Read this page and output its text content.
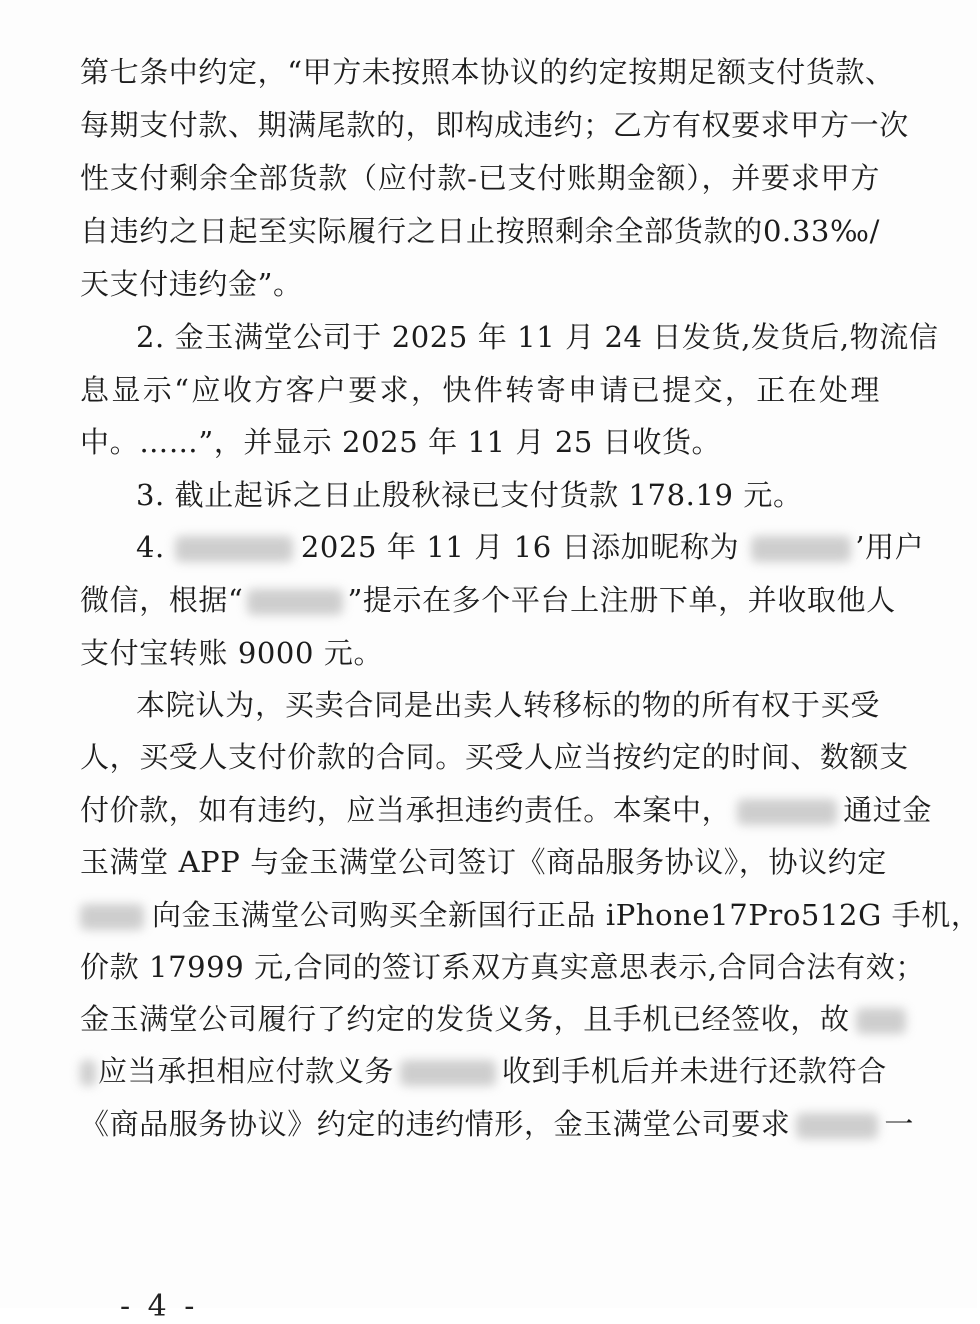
第七条中约定，“甲方未按照本协议的约定按期足额支付货款、
每期支付款、期满尾款的，即构成违约；乙方有权要求甲方一次
性支付剩余全部货款（应付款-已支付账期金额），并要求甲方
自违约之日起至实际履行之日止按照剩余全部货款的0.33‰/
天支付违约金”。
2. 金玉满堂公司于 2025 年 11 月 24 日发货,发货后,物流信
息显示“应收方客户要求，快件转寄申请已提交，正在处理
中。……”，并显示 2025 年 11 月 25 日收货。
3. 截止起诉之日止殷秋禄已支付货款 178.19 元。
4.	2025 年 11 月 16 日添加昵称为	’用户
微信，根据“	”提示在多个平台上注册下单，并收取他人
支付宝转账 9000 元。
本院认为，买卖合同是出卖人转移标的物的所有权于买受
人，买受人支付价款的合同。买受人应当按约定的时间、数额支
付价款，如有违约，应当承担违约责任。本案中，	通过金
玉满堂 APP 与金玉满堂公司签订《商品服务协议》，协议约定
向金玉满堂公司购买全新国行正品 iPhone17Pro512G 手机，
价款 17999 元,合同的签订系双方真实意思表示,合同合法有效；
金玉满堂公司履行了约定的发货义务，且手机已经签收，故
应当承担相应付款义务	收到手机后并未进行还款符合
《商品服务协议》约定的违约情形，金玉满堂公司要求	一
- 4 -
